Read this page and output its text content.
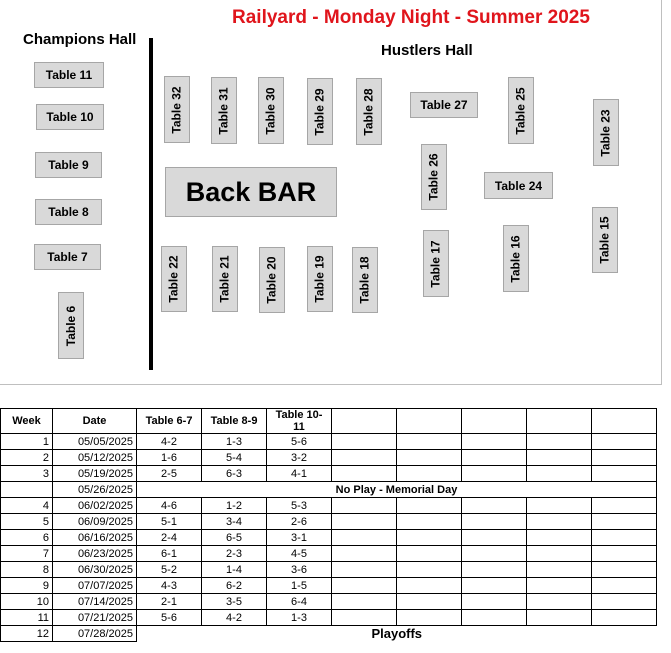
Railyard - Monday Night - Summer 2025
Champions Hall
Hustlers Hall
Table 11
Table 10
Table 9
Table 8
Table 7
Table 6
Table 32	Table 31	Table 30	Table 29	Table 28	Table 27	Table 25	Table 23
Back BAR	Table 26	Table 24
Table 22	Table 21	Table 20	Table 19	Table 18	Table 17	Table 16	Table 15
Week	Date	Table 6-7	Table 8-9	Table 10-11					
1	05/05/2025	4-2	1-3	5-6					
2	05/12/2025	1-6	5-4	3-2					
3	05/19/2025	2-5	6-3	4-1					
	05/26/2025	No Play - Memorial Day							
4	06/02/2025	4-6	1-2	5-3					
5	06/09/2025	5-1	3-4	2-6					
6	06/16/2025	2-4	6-5	3-1					
7	06/23/2025	6-1	2-3	4-5					
8	06/30/2025	5-2	1-4	3-6					
9	07/07/2025	4-3	6-2	1-5					
10	07/14/2025	2-1	3-5	6-4					
11	07/21/2025	5-6	4-2	1-3					
12	07/28/2025	Playoffs							
